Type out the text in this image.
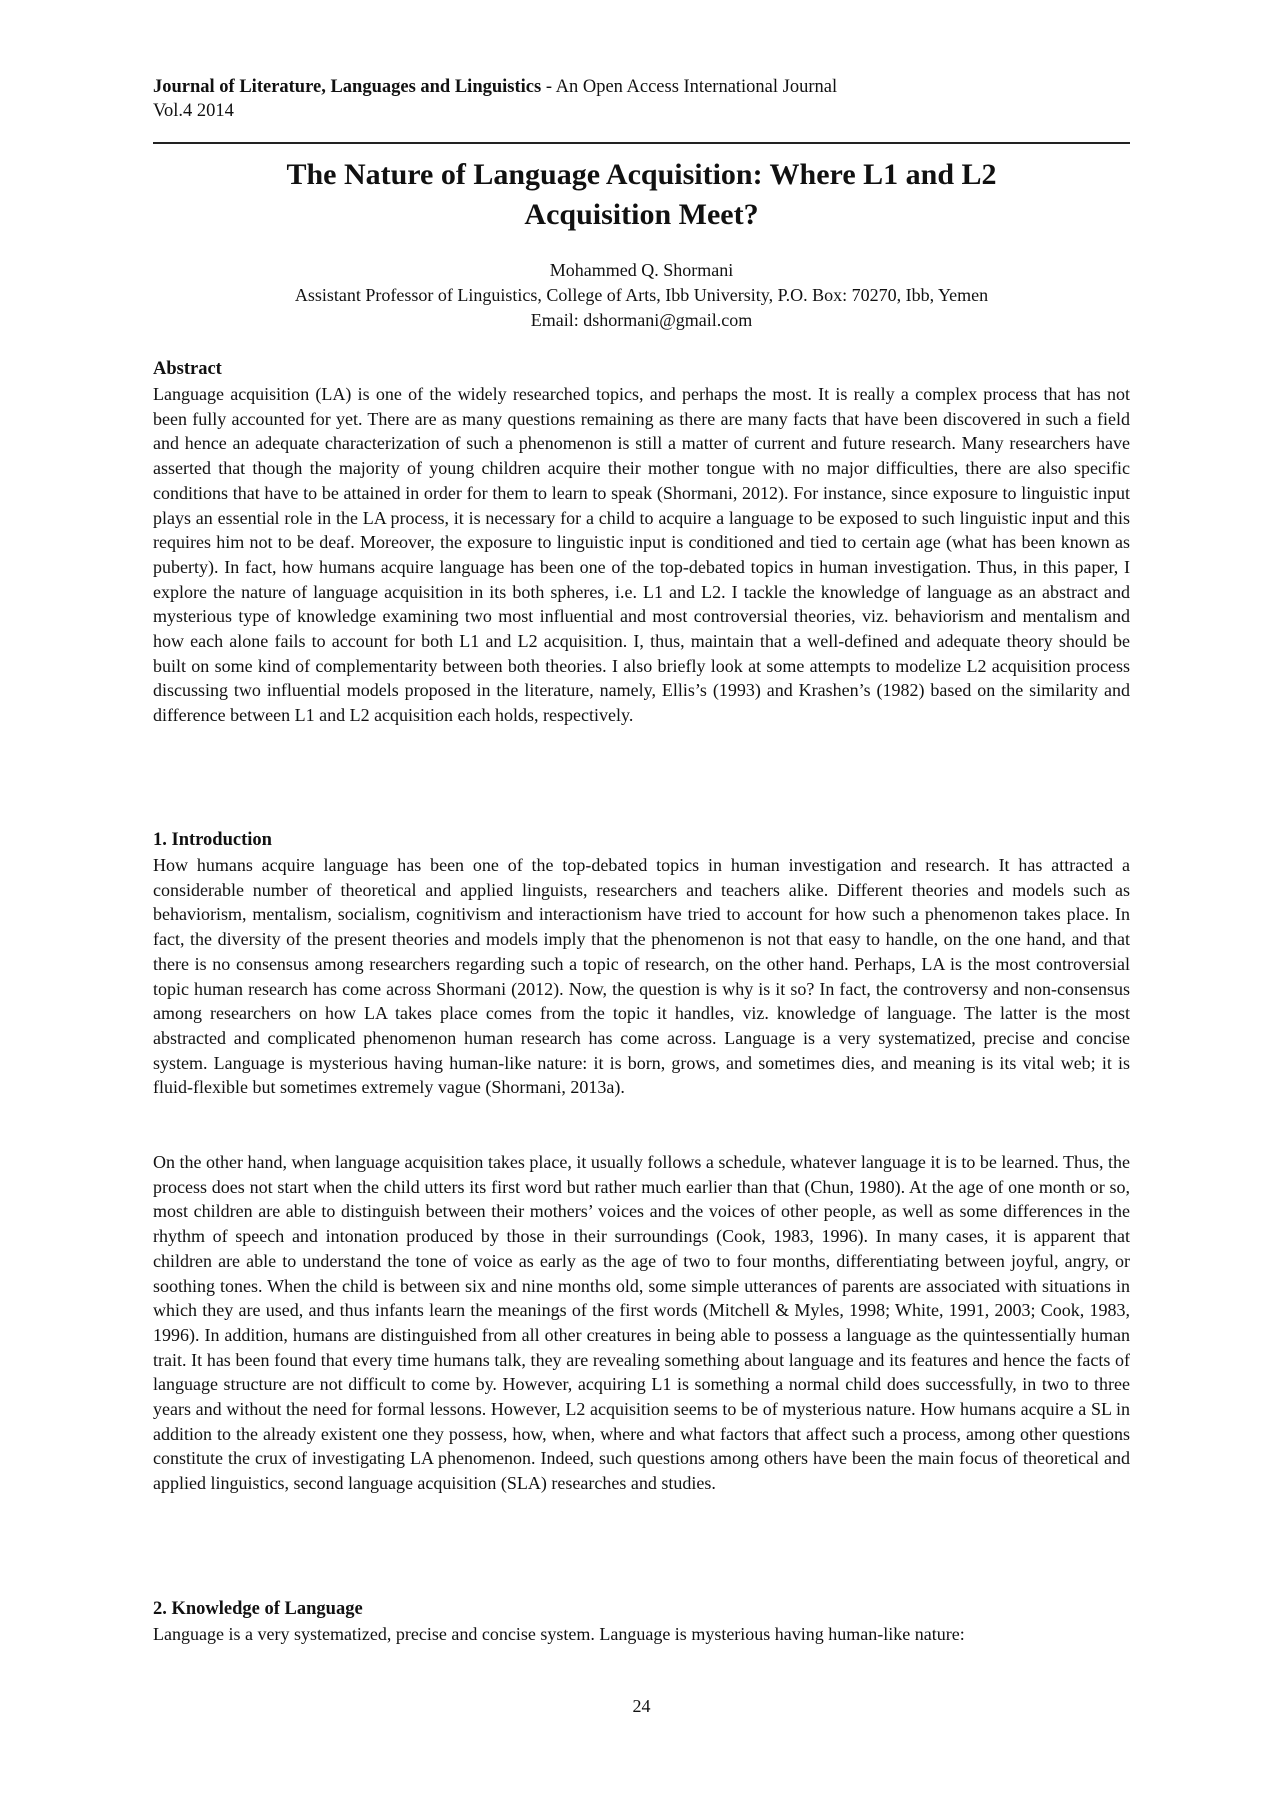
Journal of Literature, Languages and Linguistics - An Open Access International Journal
Vol.4 2014
The Nature of Language Acquisition: Where L1 and L2
Acquisition Meet?
Mohammed Q. Shormani
Assistant Professor of Linguistics, College of Arts, Ibb University, P.O. Box: 70270, Ibb, Yemen
Email: dshormani@gmail.com
Abstract

Language acquisition (LA) is one of the widely researched topics, and perhaps the most. It is really a complex process that has not been fully accounted for yet. There are as many questions remaining as there are many facts that have been discovered in such a field and hence an adequate characterization of such a phenomenon is still a matter of current and future research. Many researchers have asserted that though the majority of young children acquire their mother tongue with no major difficulties, there are also specific conditions that have to be attained in order for them to learn to speak (Shormani, 2012). For instance, since exposure to linguistic input plays an essential role in the LA process, it is necessary for a child to acquire a language to be exposed to such linguistic input and this requires him not to be deaf. Moreover, the exposure to linguistic input is conditioned and tied to certain age (what has been known as puberty). In fact, how humans acquire language has been one of the top-debated topics in human investigation. Thus, in this paper, I explore the nature of language acquisition in its both spheres, i.e. L1 and L2. I tackle the knowledge of language as an abstract and mysterious type of knowledge examining two most influential and most controversial theories, viz. behaviorism and mentalism and how each alone fails to account for both L1 and L2 acquisition. I, thus, maintain that a well-defined and adequate theory should be built on some kind of complementarity between both theories. I also briefly look at some attempts to modelize L2 acquisition process discussing two influential models proposed in the literature, namely, Ellis’s (1993) and Krashen’s (1982) based on the similarity and difference between L1 and L2 acquisition each holds, respectively.

1. Introduction

How humans acquire language has been one of the top-debated topics in human investigation and research. It has attracted a considerable number of theoretical and applied linguists, researchers and teachers alike. Different theories and models such as behaviorism, mentalism, socialism, cognitivism and interactionism have tried to account for how such a phenomenon takes place. In fact, the diversity of the present theories and models imply that the phenomenon is not that easy to handle, on the one hand, and that there is no consensus among researchers regarding such a topic of research, on the other hand. Perhaps, LA is the most controversial topic human research has come across Shormani (2012). Now, the question is why is it so? In fact, the controversy and non-consensus among researchers on how LA takes place comes from the topic it handles, viz. knowledge of language. The latter is the most abstracted and complicated phenomenon human research has come across. Language is a very systematized, precise and concise system. Language is mysterious having human-like nature: it is born, grows, and sometimes dies, and meaning is its vital web; it is fluid-flexible but sometimes extremely vague (Shormani, 2013a).

On the other hand, when language acquisition takes place, it usually follows a schedule, whatever language it is to be learned. Thus, the process does not start when the child utters its first word but rather much earlier than that (Chun, 1980). At the age of one month or so, most children are able to distinguish between their mothers’ voices and the voices of other people, as well as some differences in the rhythm of speech and intonation produced by those in their surroundings (Cook, 1983, 1996). In many cases, it is apparent that children are able to understand the tone of voice as early as the age of two to four months, differentiating between joyful, angry, or soothing tones. When the child is between six and nine months old, some simple utterances of parents are associated with situations in which they are used, and thus infants learn the meanings of the first words (Mitchell & Myles, 1998; White, 1991, 2003; Cook, 1983, 1996). In addition, humans are distinguished from all other creatures in being able to possess a language as the quintessentially human trait. It has been found that every time humans talk, they are revealing something about language and its features and hence the facts of language structure are not difficult to come by. However, acquiring L1 is something a normal child does successfully, in two to three years and without the need for formal lessons. However, L2 acquisition seems to be of mysterious nature. How humans acquire a SL in addition to the already existent one they possess, how, when, where and what factors that affect such a process, among other questions constitute the crux of investigating LA phenomenon. Indeed, such questions among others have been the main focus of theoretical and applied linguistics, second language acquisition (SLA) researches and studies.

2. Knowledge of Language

Language is a very systematized, precise and concise system. Language is mysterious having human-like nature:

24
